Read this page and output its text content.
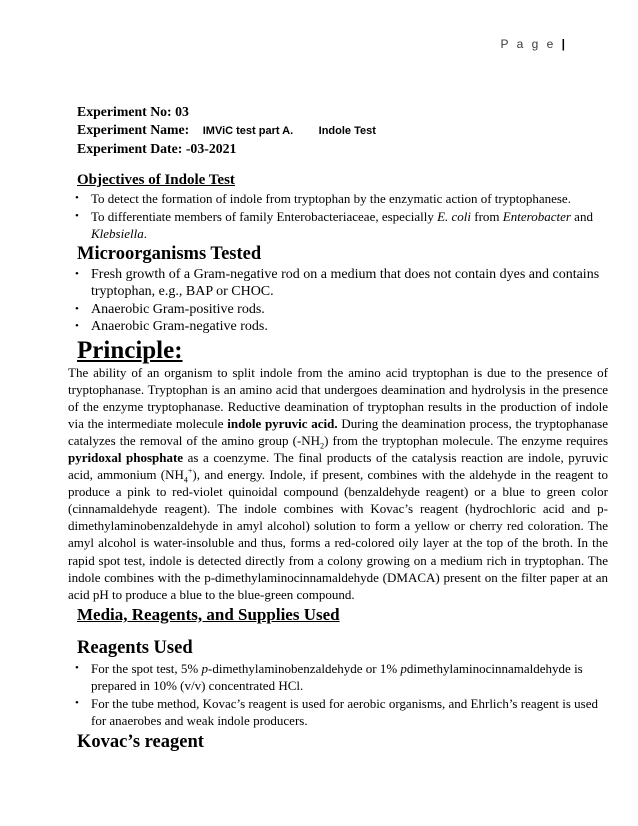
P a g e |
Experiment No: 03
Experiment Name: IMViC test part A. Indole Test
Experiment Date: -03-2021
Objectives of Indole Test
• To detect the formation of indole from tryptophan by the enzymatic action of tryptophanese.
• To differentiate members of family Enterobacteriaceae, especially E. coli from Enterobacter and Klebsiella.
Microorganisms Tested
• Fresh growth of a Gram-negative rod on a medium that does not contain dyes and contains tryptophan, e.g., BAP or CHOC.
• Anaerobic Gram-positive rods.
• Anaerobic Gram-negative rods.
Principle:

The ability of an organism to split indole from the amino acid tryptophan is due to the presence of tryptophanase. Tryptophan is an amino acid that undergoes deamination and hydrolysis in the presence of the enzyme tryptophanase. Reductive deamination of tryptophan results in the production of indole via the intermediate molecule indole pyruvic acid. During the deamination process, the tryptophanase catalyzes the removal of the amino group $(-NH_2)$ from the tryptophan molecule. The enzyme requires pyridoxal phosphate as a coenzyme. The final products of the catalysis reaction are indole, pyruvic acid, ammonium $(NH_4^+)$, and energy. Indole, if present, combines with the aldehyde in the reagent to produce a pink to red-violet quinoidal compound (benzaldehyde reagent) or a blue to green color (cinnamaldehyde reagent). The indole combines with Kovac’s reagent (hydrochloric acid and p-dimethylaminobenzaldehyde in amyl alcohol) solution to form a yellow or cherry red coloration. The amyl alcohol is water-insoluble and thus, forms a red-colored oily layer at the top of the broth. In the rapid spot test, indole is detected directly from a colony growing on a medium rich in tryptophan. The indole combines with the p-dimethylaminocinnamaldehyde (DMACA) present on the filter paper at an acid pH to produce a blue to the blue-green compound.

Media, Reagents, and Supplies Used
Reagents Used
• For the spot test, 5% p-dimethylaminobenzaldehyde or 1% pdimethylaminocinnamaldehyde is prepared in 10% (v/v) concentrated HCl.
• For the tube method, Kovac’s reagent is used for aerobic organisms, and Ehrlich’s reagent is used for anaerobes and weak indole producers.
Kovac’s reagent
